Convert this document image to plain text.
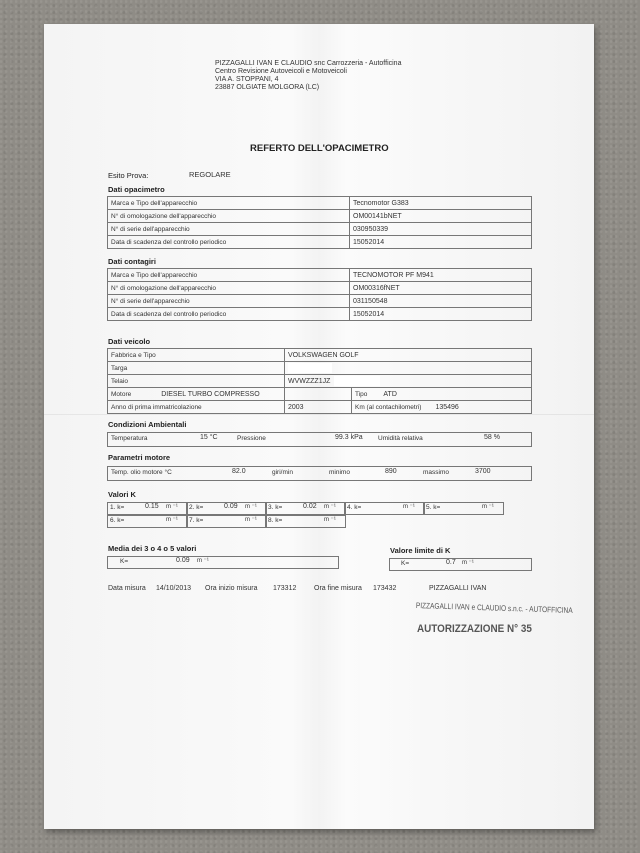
PIZZAGALLI IVAN E CLAUDIO snc Carrozzeria - Autofficina
Centro Revisione Autoveicoli e Motoveicoli
VIA A. STOPPANI, 4
23887 OLGIATE MOLGORA (LC)
REFERTO DELL'OPACIMETRO
Esito Prova:	REGOLARE
Dati opacimetro
Marca e Tipo dell'apparecchio	Tecnomotor G383
N° di omologazione dell'apparecchio	OM00141bNET
N° di serie dell'apparecchio	030950339
Data di scadenza del controllo periodico	15052014
Dati contagiri
Marca e Tipo dell'apparecchio	TECNOMOTOR PF M941
N° di omologazione dell'apparecchio	OM00316fNET
N° di serie dell'apparecchio	031150548
Data di scadenza del controllo periodico	15052014
Dati veicolo
Fabbrica e Tipo	VOLKSWAGEN GOLF	
Targa		
Telaio	WVWZZZ1JZ	
Motore DIESEL TURBO COMPRESSO		Tipo ATD
Anno di prima immatricolazione	2003	Km (al contachilometri) 135496
Condizioni Ambientali
Temperatura	15 °C	Pressione	99.3 kPa Umidità relativa	58 %
Parametri motore
Temp. olio motore °C	82.0	giri/min	minimo	890	massimo	3700
Valori K
Media dei 3 o 4 o 5 valori
K=	0.09 m ⁻¹
Valore limite di K
K=	0.7 m ⁻¹
Data misura 14/10/2013 Ora inizio misura 173312	Ora fine misura 173432	PIZZAGALLI IVAN
PIZZAGALLI IVAN e CLAUDIO s.n.c. - AUTOFFICINA
AUTORIZZAZIONE N° 35
1. k=	0.15 m ⁻¹ 2. k=	0.09 m ⁻¹ 3. k=	0.02 m ⁻¹ 4. k=	m ⁻¹ 5. k=	m ⁻¹
6. k=	m ⁻¹ 7. k=	m ⁻¹ 8. k=	m ⁻¹
